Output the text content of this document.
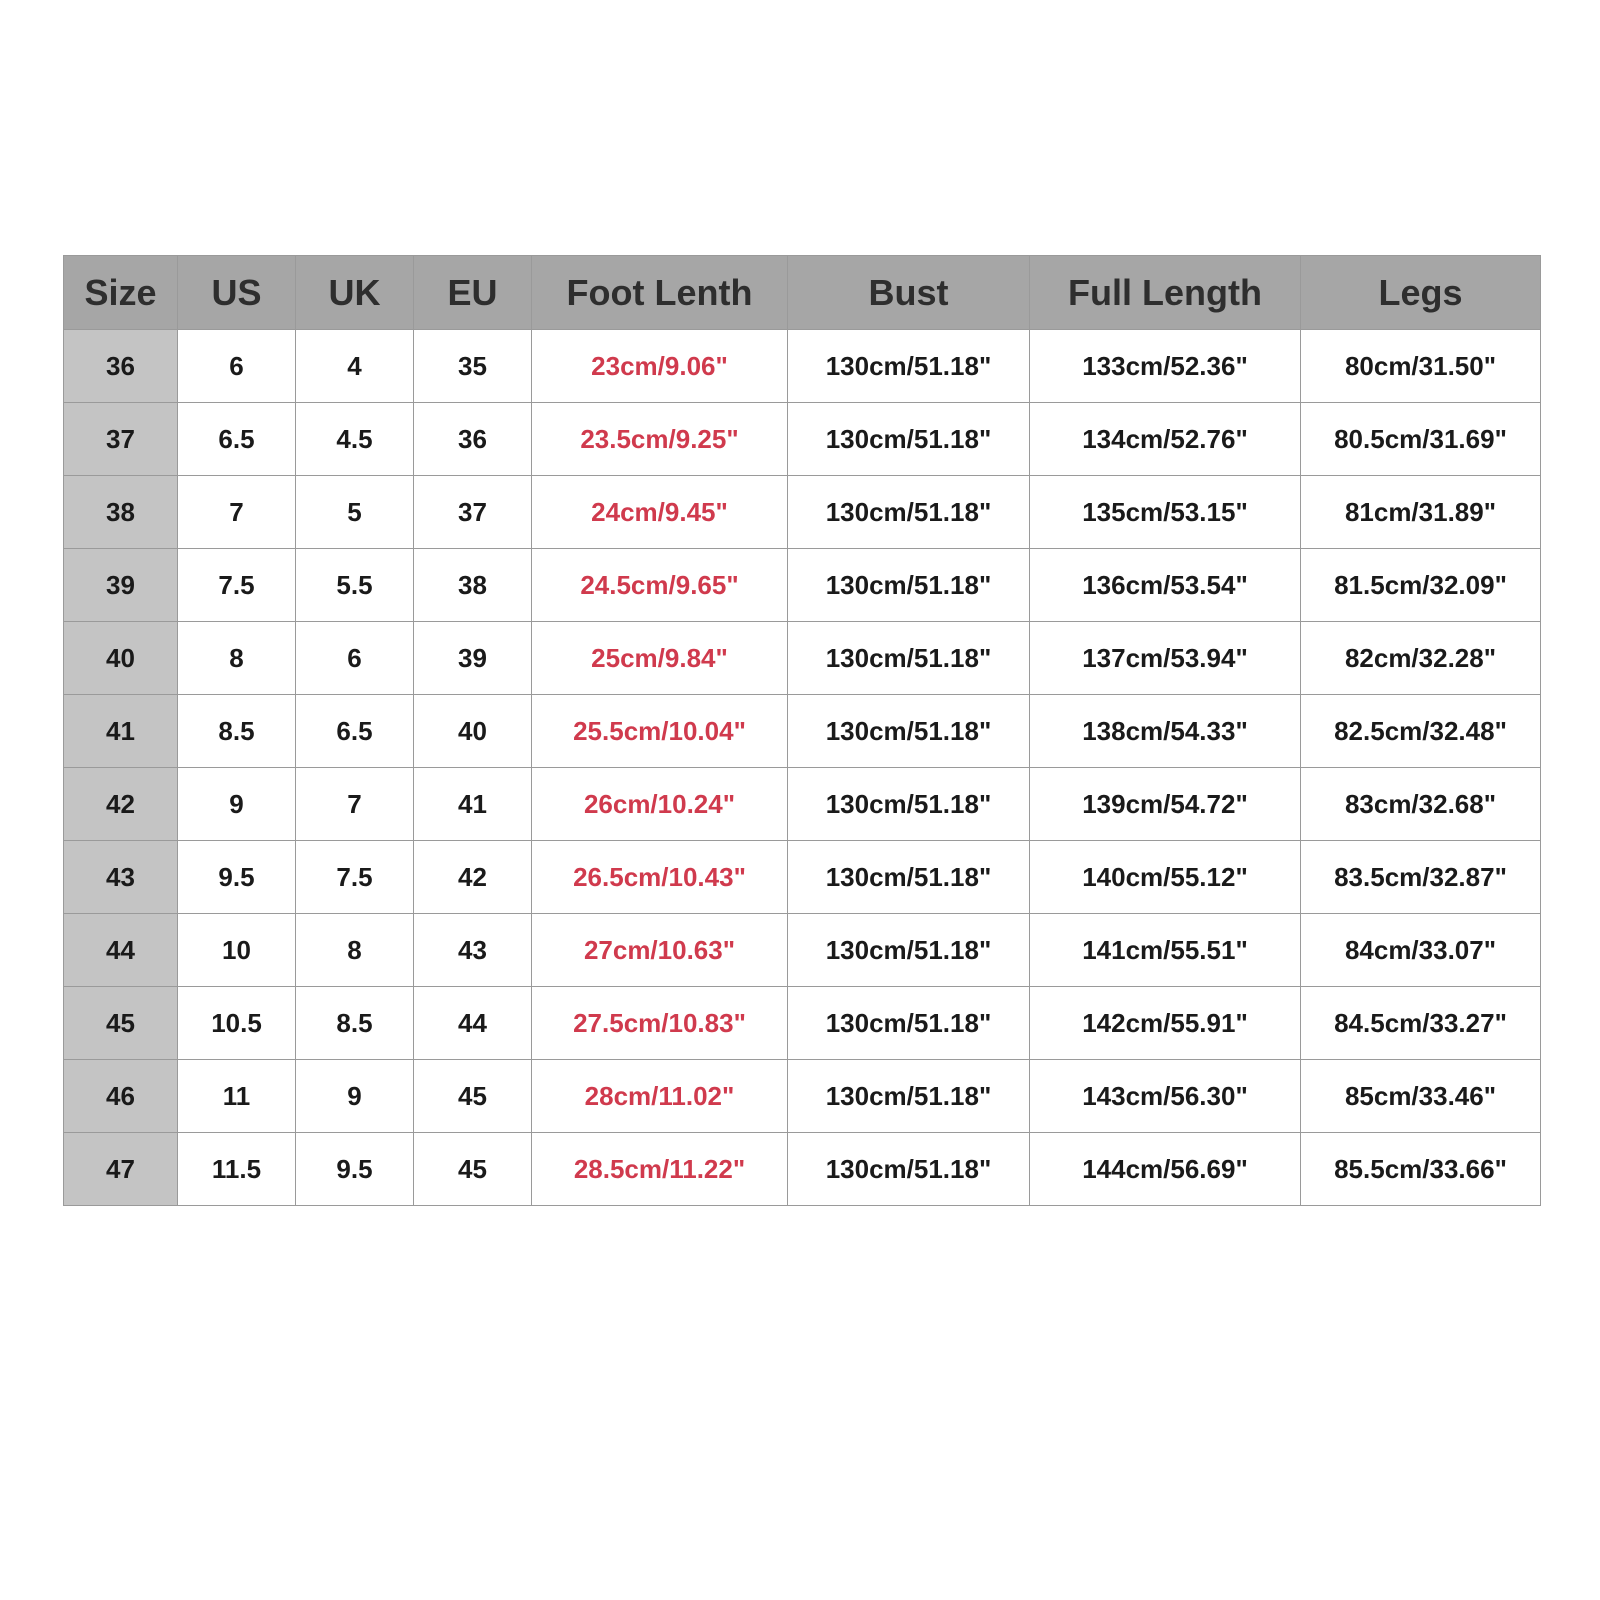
Size	US	UK	EU	Foot Lenth	Bust	Full Length	Legs
36	6	4	35	23cm/9.06"	130cm/51.18"	133cm/52.36"	80cm/31.50"
37	6.5	4.5	36	23.5cm/9.25"	130cm/51.18"	134cm/52.76"	80.5cm/31.69"
38	7	5	37	24cm/9.45"	130cm/51.18"	135cm/53.15"	81cm/31.89"
39	7.5	5.5	38	24.5cm/9.65"	130cm/51.18"	136cm/53.54"	81.5cm/32.09"
40	8	6	39	25cm/9.84"	130cm/51.18"	137cm/53.94"	82cm/32.28"
41	8.5	6.5	40	25.5cm/10.04"	130cm/51.18"	138cm/54.33"	82.5cm/32.48"
42	9	7	41	26cm/10.24"	130cm/51.18"	139cm/54.72"	83cm/32.68"
43	9.5	7.5	42	26.5cm/10.43"	130cm/51.18"	140cm/55.12"	83.5cm/32.87"
44	10	8	43	27cm/10.63"	130cm/51.18"	141cm/55.51"	84cm/33.07"
45	10.5	8.5	44	27.5cm/10.83"	130cm/51.18"	142cm/55.91"	84.5cm/33.27"
46	11	9	45	28cm/11.02"	130cm/51.18"	143cm/56.30"	85cm/33.46"
47	11.5	9.5	45	28.5cm/11.22"	130cm/51.18"	144cm/56.69"	85.5cm/33.66"
